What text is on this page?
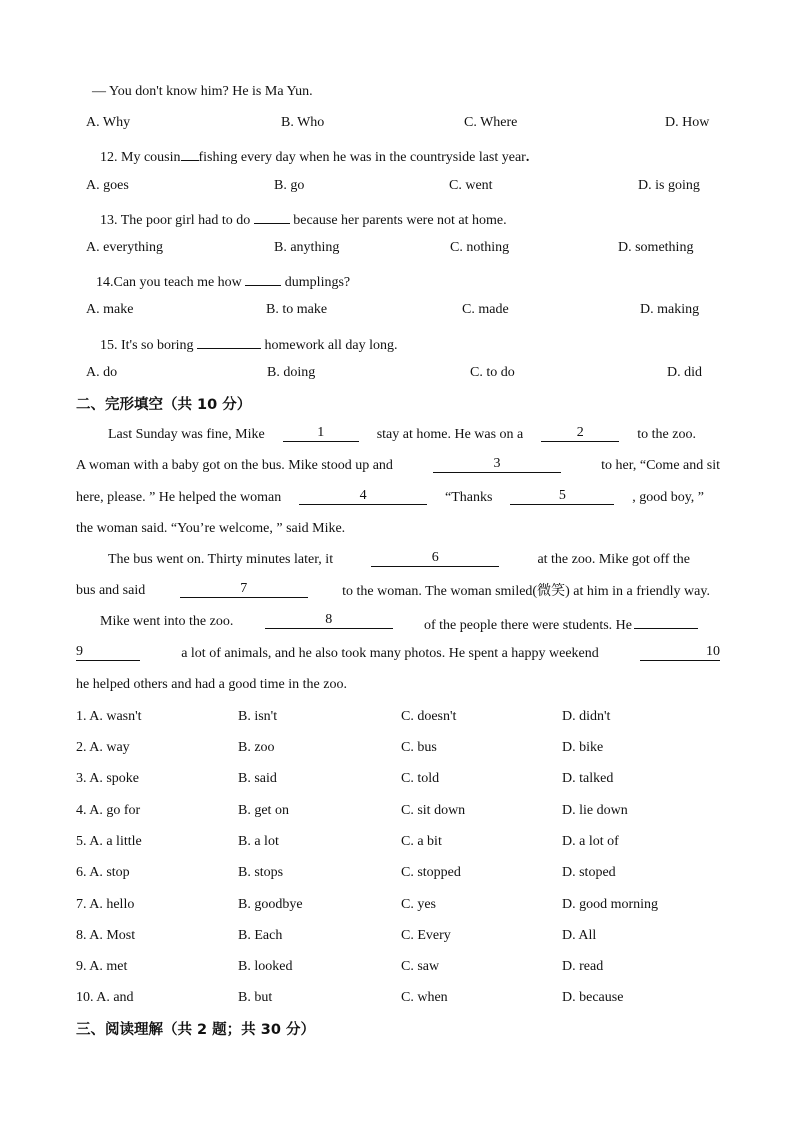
— You don't know him? He is Ma Yun.
A. Why	B. Who	C. Where	D. How
12. My cousin fishing every day when he was in the countryside last year.
A. goes	B. go	C. went	D. is going
13. The poor girl had to do	because her parents were not at home.
A. everything	B. anything	C. nothing	D. something
14.Can you teach me how	dumplings?
A. make	B. to make	C. made	D. making
15. It's so boring	homework all day long.
A. do	B. doing	C. to do	D. did
二、完形填空（共 10 分）
Last Sunday was fine, Mike	1	stay at home. He was on a	2	to the zoo.
A woman with a baby got on the bus. Mike stood up and	3	to her, “Come and sit
here, please. ” He helped the woman	4	“Thanks	5	, good boy, ”
the woman said. “You’re welcome, ” said Mike.
The bus went on. Thirty minutes later, it	6	at the zoo. Mike got off the
bus and said	7	to the woman. The woman smiled(微笑) at him in a friendly way.
Mike went into the zoo.	8	of the people there were students. He
9	a lot of animals, and he also took many photos. He spent a happy weekend	10
he helped others and had a good time in the zoo.
1. A. wasn't	B. isn't	C. doesn't	D. didn't
2. A. way	B. zoo	C. bus	D. bike
3. A. spoke	B. said	C. told	D. talked
4. A. go for	B. get on	C. sit down	D. lie down
5. A. a little	B. a lot	C. a bit	D. a lot of
6. A. stop	B. stops	C. stopped	D. stoped
7. A. hello	B. goodbye	C. yes	D. good morning
8. A. Most	B. Each	C. Every	D. All
9. A. met	B. looked	C. saw	D. read
10. A. and	B. but	C. when	D. because
三、阅读理解（共 2 题；共 30 分）
